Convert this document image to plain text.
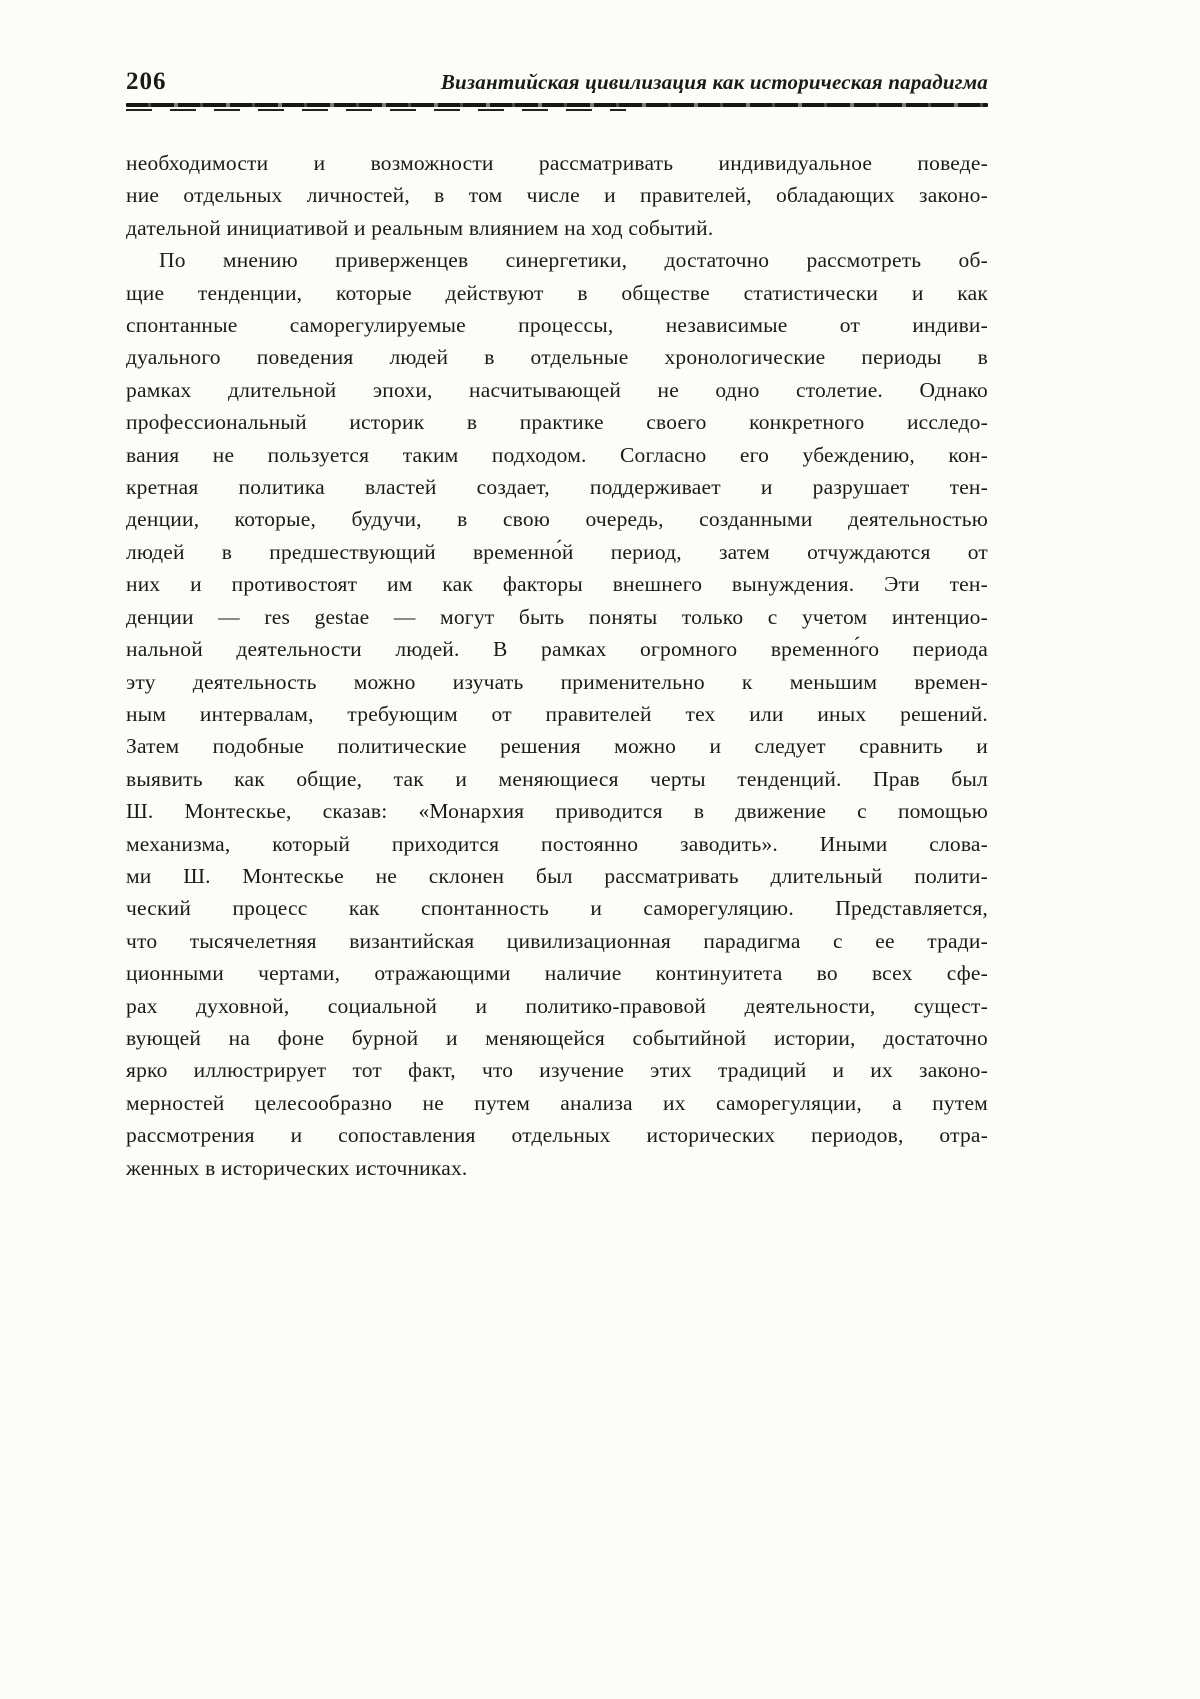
206	Византийская цивилизация как историческая парадигма

необходимости и возможности рассматривать индивидуальное поведе-
ние отдельных личностей, в том числе и правителей, обладающих законо-
дательной инициативой и реальным влиянием на ход событий.

По мнению приверженцев синергетики, достаточно рассмотреть об-
щие тенденции, которые действуют в обществе статистически и как
спонтанные саморегулируемые процессы, независимые от индиви-
дуального поведения людей в отдельные хронологические периоды в
рамках длительной эпохи, насчитывающей не одно столетие. Однако
профессиональный историк в практике своего конкретного исследо-
вания не пользуется таким подходом. Согласно его убеждению, кон-
кретная политика властей создает, поддерживает и разрушает тен-
денции, которые, будучи, в свою очередь, созданными деятельностью
людей в предшествующий временно́й период, затем отчуждаются от
них и противостоят им как факторы внешнего вынуждения. Эти тен-
денции — res gestae — могут быть поняты только с учетом интенцио-
нальной деятельности людей. В рамках огромного временно́го периода
эту деятельность можно изучать применительно к меньшим времен-
ным интервалам, требующим от правителей тех или иных решений.
Затем подобные политические решения можно и следует сравнить и
выявить как общие, так и меняющиеся черты тенденций. Прав был
Ш. Монтескье, сказав: «Монархия приводится в движение с помощью
механизма, который приходится постоянно заводить». Иными слова-
ми Ш. Монтескье не склонен был рассматривать длительный полити-
ческий процесс как спонтанность и саморегуляцию. Представляется,
что тысячелетняя византийская цивилизационная парадигма с ее тради-
ционными чертами, отражающими наличие континуитета во всех сфе-
рах духовной, социальной и политико-правовой деятельности, сущест-
вующей на фоне бурной и меняющейся событийной истории, достаточно
ярко иллюстрирует тот факт, что изучение этих традиций и их законо-
мерностей целесообразно не путем анализа их саморегуляции, а путем
рассмотрения и сопоставления отдельных исторических периодов, отра-
женных в исторических источниках.
